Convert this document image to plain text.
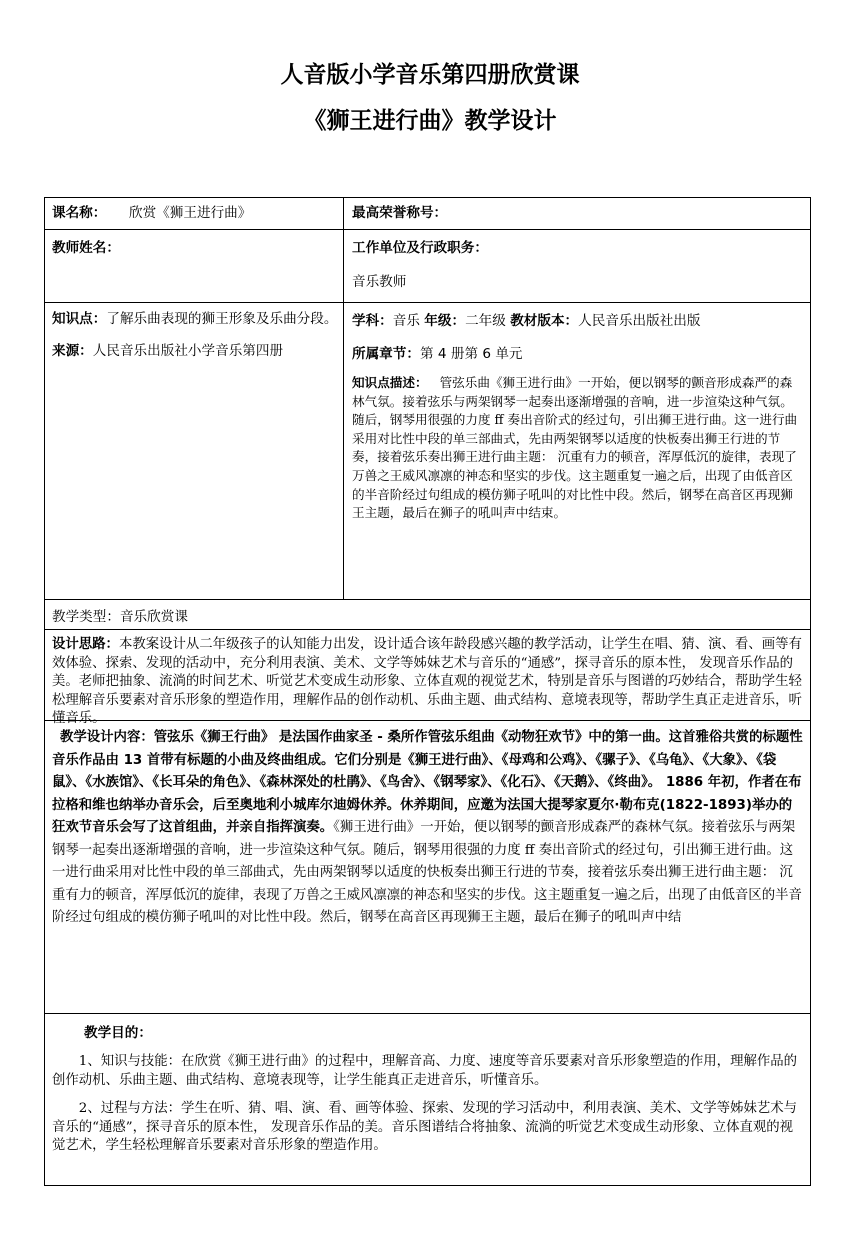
人音版小学音乐第四册欣赏课
《狮王进行曲》教学设计
课名称： 欣赏《狮王进行曲》	最高荣誉称号：
教师姓名：	工作单位及行政职务：
音乐教师

知识点：了解乐曲表现的狮王形象及乐曲分段。

来源：人民音乐出版社小学音乐第四册

学科：音乐 年级：二年级 教材版本：人民音乐出版社出版

所属章节：第 4 册第 6 单元

知识点描述： 管弦乐曲《狮王进行曲》一开始，便以钢琴的颤音形成森严的森林气氛。接着弦乐与两架钢琴一起奏出逐渐增强的音响，进一步渲染这种气氛。随后，钢琴用很强的力度 ff 奏出音阶式的经过句，引出狮王进行曲。这一进行曲采用对比性中段的单三部曲式，先由两架钢琴以适度的快板奏出狮王行进的节奏，接着弦乐奏出狮王进行曲主题： 沉重有力的顿音，浑厚低沉的旋律，表现了万兽之王威风凛凛的神态和坚实的步伐。这主题重复一遍之后，出现了由低音区的半音阶经过句组成的模仿狮子吼叫的对比性中段。然后，钢琴在高音区再现狮王主题，最后在狮子的吼叫声中结束。

教学类型：音乐欣赏课
设计思路：本教案设计从二年级孩子的认知能力出发，设计适合该年龄段感兴趣的教学活动，让学生在唱、猜、演、看、画等有效体验、探索、发现的活动中，充分利用表演、美术、文学等姊妹艺术与音乐的“通感”，探寻音乐的原本性， 发现音乐作品的美。老师把抽象、流淌的时间艺术、听觉艺术变成生动形象、立体直观的视觉艺术，特别是音乐与图谱的巧妙结合，帮助学生轻松理解音乐要素对音乐形象的塑造作用，理解作品的创作动机、乐曲主题、曲式结构、意境表现等，帮助学生真正走进音乐，听懂音乐。

教学设计内容：管弦乐《狮王行曲》 是法国作曲家圣 - 桑所作管弦乐组曲《动物狂欢节》中的第一曲。这首雅俗共赏的标题性音乐作品由 13 首带有标题的小曲及终曲组成。它们分别是《狮王进行曲》、《母鸡和公鸡》、《骡子》、《乌龟》、《大象》、《袋鼠》、《水族馆》、《长耳朵的角色》、《森林深处的杜鹃》、《鸟舍》、《钢琴家》、《化石》、《天鹅》、《终曲》。 1886 年初，作者在布拉格和维也纳举办音乐会，后至奥地利小城库尔迪姆休养。休养期间，应邀为法国大提琴家夏尔·勒布克(1822-1893)举办的狂欢节音乐会写了这首组曲，并亲自指挥演奏。《狮王进行曲》一开始，便以钢琴的颤音形成森严的森林气氛。接着弦乐与两架钢琴一起奏出逐渐增强的音响，进一步渲染这种气氛。随后，钢琴用很强的力度 ff 奏出音阶式的经过句，引出狮王进行曲。这一进行曲采用对比性中段的单三部曲式，先由两架钢琴以适度的快板奏出狮王行进的节奏，接着弦乐奏出狮王进行曲主题： 沉重有力的顿音，浑厚低沉的旋律，表现了万兽之王威风凛凛的神态和坚实的步伐。这主题重复一遍之后，出现了由低音区的半音阶经过句组成的模仿狮子吼叫的对比性中段。然后，钢琴在高音区再现狮王主题，最后在狮子的吼叫声中结

教学目的：

1、知识与技能：在欣赏《狮王进行曲》的过程中，理解音高、力度、速度等音乐要素对音乐形象塑造的作用，理解作品的创作动机、乐曲主题、曲式结构、意境表现等，让学生能真正走进音乐，听懂音乐。

2、过程与方法：学生在听、猜、唱、演、看、画等体验、探索、发现的学习活动中，利用表演、美术、文学等姊妹艺术与音乐的“通感”，探寻音乐的原本性， 发现音乐作品的美。音乐图谱结合将抽象、流淌的听觉艺术变成生动形象、立体直观的视觉艺术，学生轻松理解音乐要素对音乐形象的塑造作用。
